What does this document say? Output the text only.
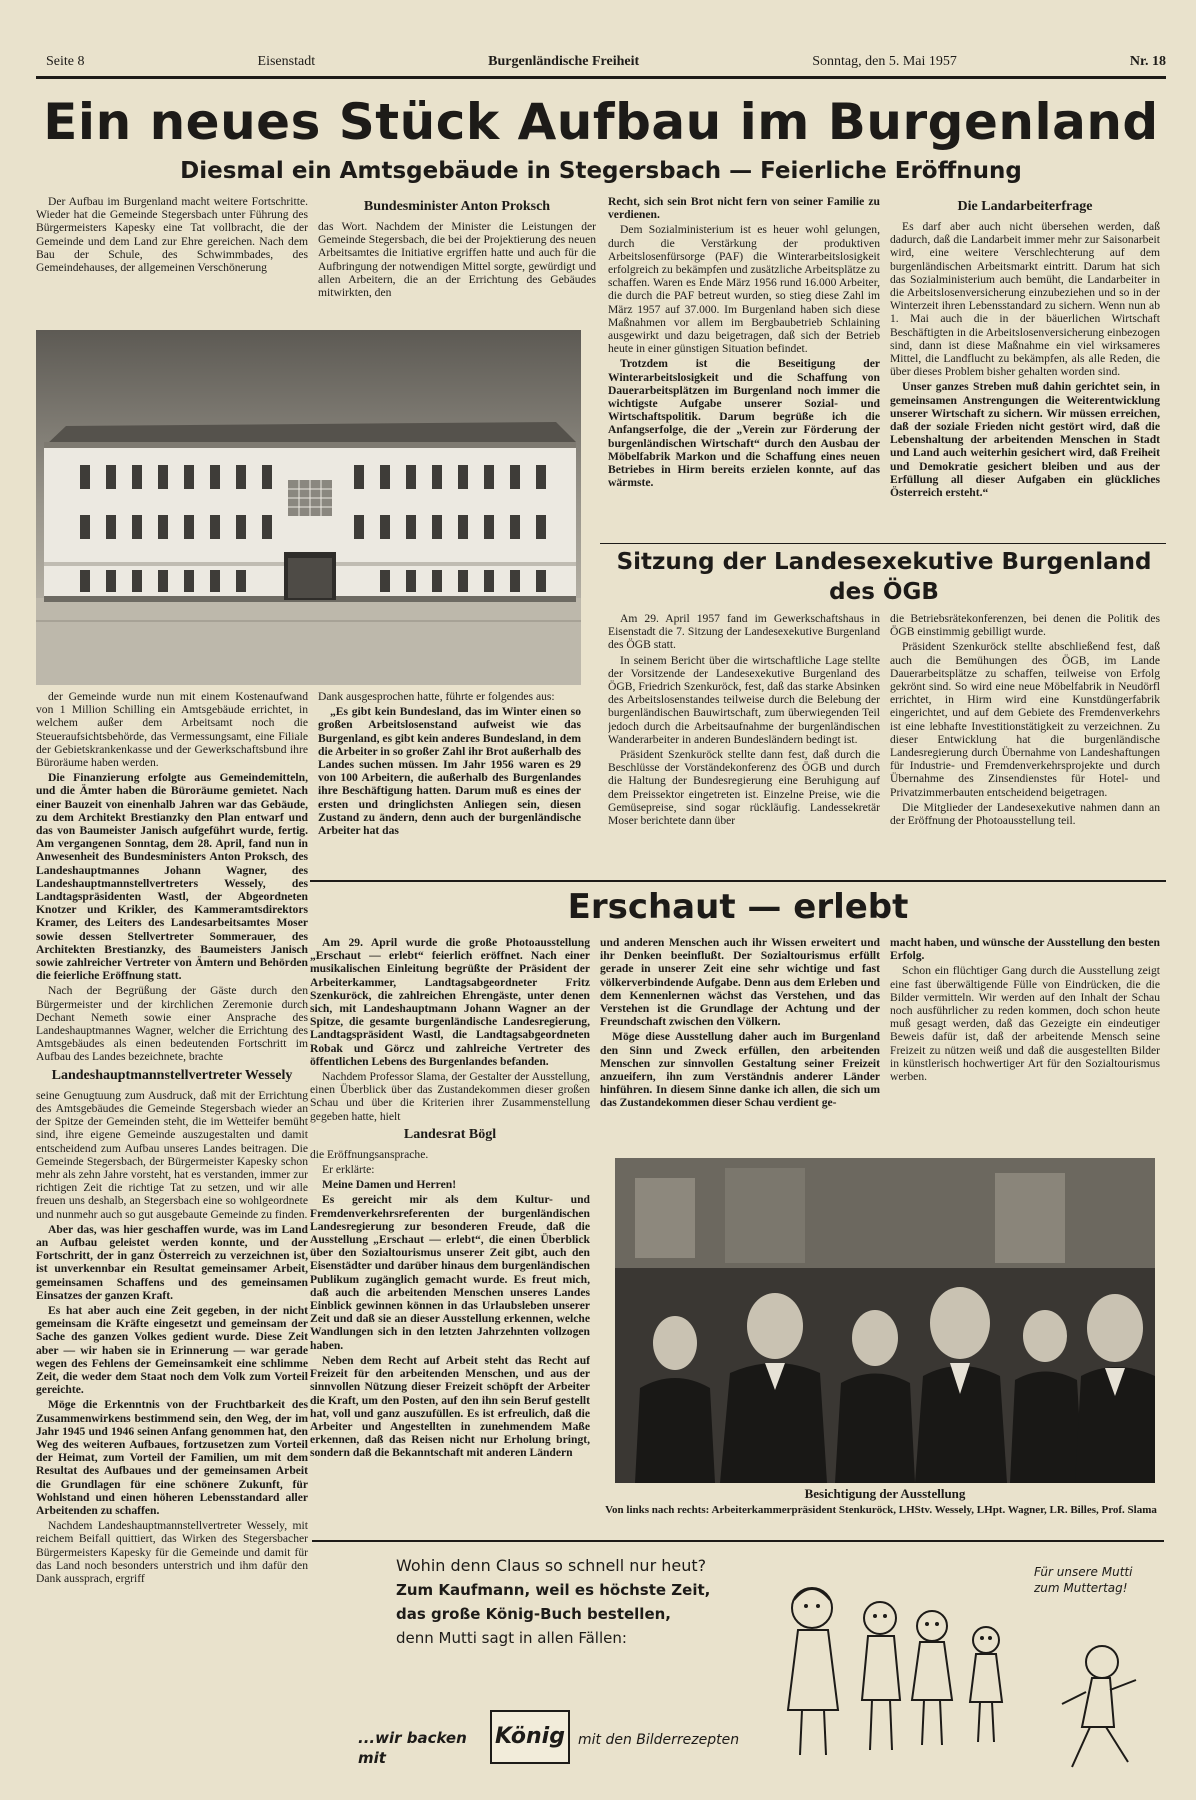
Seite 8	Eisenstadt	Burgenländische Freiheit	Sonntag, den 5. Mai 1957	Nr. 18
Ein neues Stück Aufbau im Burgenland
Diesmal ein Amtsgebäude in Stegersbach — Feierliche Eröffnung

Der Aufbau im Burgenland macht weitere Fortschritte. Wieder hat die Gemeinde Stegersbach unter Führung des Bürgermeisters Kapesky eine Tat vollbracht, die der Gemeinde und dem Land zur Ehre gereichen. Nach dem Bau der Schule, des Schwimmbades, des Gemeindehauses, der allgemeinen Verschönerung

Bundesminister Anton Proksch

das Wort. Nachdem der Minister die Leistungen der Gemeinde Stegersbach, die bei der Projektierung des neuen Arbeitsamtes die Initiative ergriffen hatte und auch für die Aufbringung der notwendigen Mittel sorgte, gewürdigt und allen Arbeitern, die an der Errichtung des Gebäudes mitwirkten, den

der Gemeinde wurde nun mit einem Kostenaufwand von 1 Million Schilling ein Amtsgebäude errichtet, in welchem außer dem Arbeitsamt noch die Steueraufsichtsbehörde, das Vermessungsamt, eine Filiale der Gebietskrankenkasse und der Gewerkschaftsbund ihre Büroräume haben werden.

Die Finanzierung erfolgte aus Gemeindemitteln, und die Ämter haben die Büroräume gemietet. Nach einer Bauzeit von einenhalb Jahren war das Gebäude, zu dem Architekt Brestianzky den Plan entwarf und das von Baumeister Janisch aufgeführt wurde, fertig. Am vergangenen Sonntag, dem 28. April, fand nun in Anwesenheit des Bundesministers Anton Proksch, des Landeshauptmannes Johann Wagner, des Landeshauptmannstellvertreters Wessely, des Landtagspräsidenten Wastl, der Abgeordneten Knotzer und Krikler, des Kammeramtsdirektors Kramer, des Leiters des Landesarbeitsamtes Moser sowie dessen Stellvertreter Sommerauer, des Architekten Brestianzky, des Baumeisters Janisch sowie zahlreicher Vertreter von Ämtern und Behörden die feierliche Eröffnung statt.

Nach der Begrüßung der Gäste durch den Bürgermeister und der kirchlichen Zeremonie durch Dechant Nemeth sowie einer Ansprache des Landeshauptmannes Wagner, welcher die Errichtung des Amtsgebäudes als einen bedeutenden Fortschritt im Aufbau des Landes bezeichnete, brachte

Landeshauptmannstellvertreter Wessely

seine Genugtuung zum Ausdruck, daß mit der Errichtung des Amtsgebäudes die Gemeinde Stegersbach wieder an der Spitze der Gemeinden steht, die im Wetteifer bemüht sind, ihre eigene Gemeinde auszugestalten und damit entscheidend zum Aufbau unseres Landes beitragen. Die Gemeinde Stegersbach, der Bürgermeister Kapesky schon mehr als zehn Jahre vorsteht, hat es verstanden, immer zur richtigen Zeit die richtige Tat zu setzen, und wir alle freuen uns deshalb, an Stegersbach eine so wohlgeordnete und nunmehr auch so gut ausgebaute Gemeinde zu finden.

Aber das, was hier geschaffen wurde, was im Land an Aufbau geleistet werden konnte, und der Fortschritt, der in ganz Österreich zu verzeichnen ist, ist unverkennbar ein Resultat gemeinsamer Arbeit, gemeinsamen Schaffens und des gemeinsamen Einsatzes der ganzen Kraft.

Es hat aber auch eine Zeit gegeben, in der nicht gemeinsam die Kräfte eingesetzt und gemeinsam der Sache des ganzen Volkes gedient wurde. Diese Zeit aber — wir haben sie in Erinnerung — war gerade wegen des Fehlens der Gemeinsamkeit eine schlimme Zeit, die weder dem Staat noch dem Volk zum Vorteil gereichte.

Möge die Erkenntnis von der Fruchtbarkeit des Zusammenwirkens bestimmend sein, den Weg, der im Jahr 1945 und 1946 seinen Anfang genommen hat, den Weg des weiteren Aufbaues, fortzusetzen zum Vorteil der Heimat, zum Vorteil der Familien, um mit dem Resultat des Aufbaues und der gemeinsamen Arbeit die Grundlagen für eine schönere Zukunft, für Wohlstand und einen höheren Lebensstandard aller Arbeitenden zu schaffen.

Nachdem Landeshauptmannstellvertreter Wessely, mit reichem Beifall quittiert, das Wirken des Stegersbacher Bürgermeisters Kapesky für die Gemeinde und damit für das Land noch besonders unterstrich und ihm dafür den Dank aussprach, ergriff

Dank ausgesprochen hatte, führte er folgendes aus:

„Es gibt kein Bundesland, das im Winter einen so großen Arbeitslosenstand aufweist wie das Burgenland, es gibt kein anderes Bundesland, in dem die Arbeiter in so großer Zahl ihr Brot außerhalb des Landes suchen müssen. Im Jahr 1956 waren es 29 von 100 Arbeitern, die außerhalb des Burgenlandes ihre Beschäftigung hatten. Darum muß es eines der ersten und dringlichsten Anliegen sein, diesen Zustand zu ändern, denn auch der burgenländische Arbeiter hat das

Recht, sich sein Brot nicht fern von seiner Familie zu verdienen.

Dem Sozialministerium ist es heuer wohl gelungen, durch die Verstärkung der produktiven Arbeitslosenfürsorge (PAF) die Winterarbeitslosigkeit erfolgreich zu bekämpfen und zusätzliche Arbeitsplätze zu schaffen. Waren es Ende März 1956 rund 16.000 Arbeiter, die durch die PAF betreut wurden, so stieg diese Zahl im März 1957 auf 37.000. Im Burgenland haben sich diese Maßnahmen vor allem im Bergbaubetrieb Schlaining ausgewirkt und dazu beigetragen, daß sich der Betrieb heute in einer günstigen Situation befindet.

Trotzdem ist die Beseitigung der Winterarbeitslosigkeit und die Schaffung von Dauerarbeitsplätzen im Burgenland noch immer die wichtigste Aufgabe unserer Sozial- und Wirtschaftspolitik. Darum begrüße ich die Anfangserfolge, die der „Verein zur Förderung der burgenländischen Wirtschaft“ durch den Ausbau der Möbelfabrik Markon und die Schaffung eines neuen Betriebes in Hirm bereits erzielen konnte, auf das wärmste.

Die Landarbeiterfrage

Es darf aber auch nicht übersehen werden, daß dadurch, daß die Landarbeit immer mehr zur Saisonarbeit wird, eine weitere Verschlechterung auf dem burgenländischen Arbeitsmarkt eintritt. Darum hat sich das Sozialministerium auch bemüht, die Landarbeiter in die Arbeitslosenversicherung einzubeziehen und so in der Winterzeit ihren Lebensstandard zu sichern. Wenn nun ab 1. Mai auch die in der bäuerlichen Wirtschaft Beschäftigten in die Arbeitslosenversicherung einbezogen sind, dann ist diese Maßnahme ein viel wirksameres Mittel, die Landflucht zu bekämpfen, als alle Reden, die über dieses Problem bisher gehalten worden sind.

Unser ganzes Streben muß dahin gerichtet sein, in gemeinsamen Anstrengungen die Weiterentwicklung unserer Wirtschaft zu sichern. Wir müssen erreichen, daß der soziale Frieden nicht gestört wird, daß die Lebenshaltung der arbeitenden Menschen in Stadt und Land auch weiterhin gesichert wird, daß Freiheit und Demokratie gesichert bleiben und aus der Erfüllung all dieser Aufgaben ein glückliches Österreich ersteht.“

Sitzung der Landesexekutive Burgenland des ÖGB

Am 29. April 1957 fand im Gewerkschaftshaus in Eisenstadt die 7. Sitzung der Landesexekutive Burgenland des ÖGB statt.

In seinem Bericht über die wirtschaftliche Lage stellte der Vorsitzende der Landesexekutive Burgenland des ÖGB, Friedrich Szenkuröck, fest, daß das starke Absinken des Arbeitslosenstandes teilweise durch die Belebung der burgenländischen Bauwirtschaft, zum überwiegenden Teil jedoch durch die Arbeitsaufnahme der burgenländischen Wanderarbeiter in anderen Bundesländern bedingt ist.

Präsident Szenkuröck stellte dann fest, daß durch die Beschlüsse der Vorständekonferenz des ÖGB und durch die Haltung der Bundesregierung eine Beruhigung auf dem Preissektor eingetreten ist. Einzelne Preise, wie die Gemüsepreise, sind sogar rückläufig. Landessekretär Moser berichtete dann über

die Betriebsrätekonferenzen, bei denen die Politik des ÖGB einstimmig gebilligt wurde.

Präsident Szenkuröck stellte abschließend fest, daß auch die Bemühungen des ÖGB, im Lande Dauerarbeitsplätze zu schaffen, teilweise von Erfolg gekrönt sind. So wird eine neue Möbelfabrik in Neudörfl errichtet, in Hirm wird eine Kunstdüngerfabrik eingerichtet, und auf dem Gebiete des Fremdenverkehrs ist eine lebhafte Investitionstätigkeit zu verzeichnen. Zu dieser Entwicklung hat die burgenländische Landesregierung durch Übernahme von Landeshaftungen für Industrie- und Fremdenverkehrsprojekte und durch Übernahme des Zinsendienstes für Hotel- und Privatzimmerbauten entscheidend beigetragen.

Die Mitglieder der Landesexekutive nahmen dann an der Eröffnung der Photoausstellung teil.

Erschaut — erlebt

Am 29. April wurde die große Photoausstellung „Erschaut — erlebt“ feierlich eröffnet. Nach einer musikalischen Einleitung begrüßte der Präsident der Arbeiterkammer, Landtagsabgeordneter Fritz Szenkuröck, die zahlreichen Ehrengäste, unter denen sich, mit Landeshauptmann Johann Wagner an der Spitze, die gesamte burgenländische Landesregierung, Landtagspräsident Wastl, die Landtagsabgeordneten Robak und Görcz und zahlreiche Vertreter des öffentlichen Lebens des Burgenlandes befanden.

Nachdem Professor Slama, der Gestalter der Ausstellung, einen Überblick über das Zustandekommen dieser großen Schau und über die Kriterien ihrer Zusammenstellung gegeben hatte, hielt

Landesrat Bögl

die Eröffnungsansprache.

Er erklärte:

Meine Damen und Herren!

Es gereicht mir als dem Kultur- und Fremdenverkehrsreferenten der burgenländischen Landesregierung zur besonderen Freude, daß die Ausstellung „Erschaut — erlebt“, die einen Überblick über den Sozialtourismus unserer Zeit gibt, auch den Eisenstädter und darüber hinaus dem burgenländischen Publikum zugänglich gemacht wurde. Es freut mich, daß auch die arbeitenden Menschen unseres Landes Einblick gewinnen können in das Urlaubsleben unserer Zeit und daß sie an dieser Ausstellung erkennen, welche Wandlungen sich in den letzten Jahrzehnten vollzogen haben.

Neben dem Recht auf Arbeit steht das Recht auf Freizeit für den arbeitenden Menschen, und aus der sinnvollen Nützung dieser Freizeit schöpft der Arbeiter die Kraft, um den Posten, auf den ihn sein Beruf gestellt hat, voll und ganz auszufüllen. Es ist erfreulich, daß die Arbeiter und Angestellten in zunehmendem Maße erkennen, daß das Reisen nicht nur Erholung bringt, sondern daß die Bekanntschaft mit anderen Ländern

und anderen Menschen auch ihr Wissen erweitert und ihr Denken beeinflußt. Der Sozialtourismus erfüllt gerade in unserer Zeit eine sehr wichtige und fast völkerverbindende Aufgabe. Denn aus dem Erleben und dem Kennenlernen wächst das Verstehen, und das Verstehen ist die Grundlage der Achtung und der Freundschaft zwischen den Völkern.

Möge diese Ausstellung daher auch im Burgenland den Sinn und Zweck erfüllen, den arbeitenden Menschen zur sinnvollen Gestaltung seiner Freizeit anzueifern, ihn zum Verständnis anderer Länder hinführen. In diesem Sinne danke ich allen, die sich um das Zustandekommen dieser Schau verdient ge-

macht haben, und wünsche der Ausstellung den besten Erfolg.

Schon ein flüchtiger Gang durch die Ausstellung zeigt eine fast überwältigende Fülle von Eindrücken, die die Bilder vermitteln. Wir werden auf den Inhalt der Schau noch ausführlicher zu reden kommen, doch schon heute muß gesagt werden, daß das Gezeigte ein eindeutiger Beweis dafür ist, daß der arbeitende Mensch seine Freizeit zu nützen weiß und daß die ausgestellten Bilder in künstlerisch hochwertiger Art für den Sozialtourismus werben.

Besichtigung der Ausstellung
Von links nach rechts: Arbeiterkammerpräsident Stenkuröck, LHStv. Wessely, LHpt. Wagner, LR. Billes, Prof. Slama
Wohin denn Claus so schnell nur heut?
Zum Kaufmann, weil es höchste Zeit,
das große König-Buch bestellen,
denn Mutti sagt in allen Fällen:
...wir backen mit
König mit den Bilderrezepten
Für unsere Mutti zum Muttertag!
